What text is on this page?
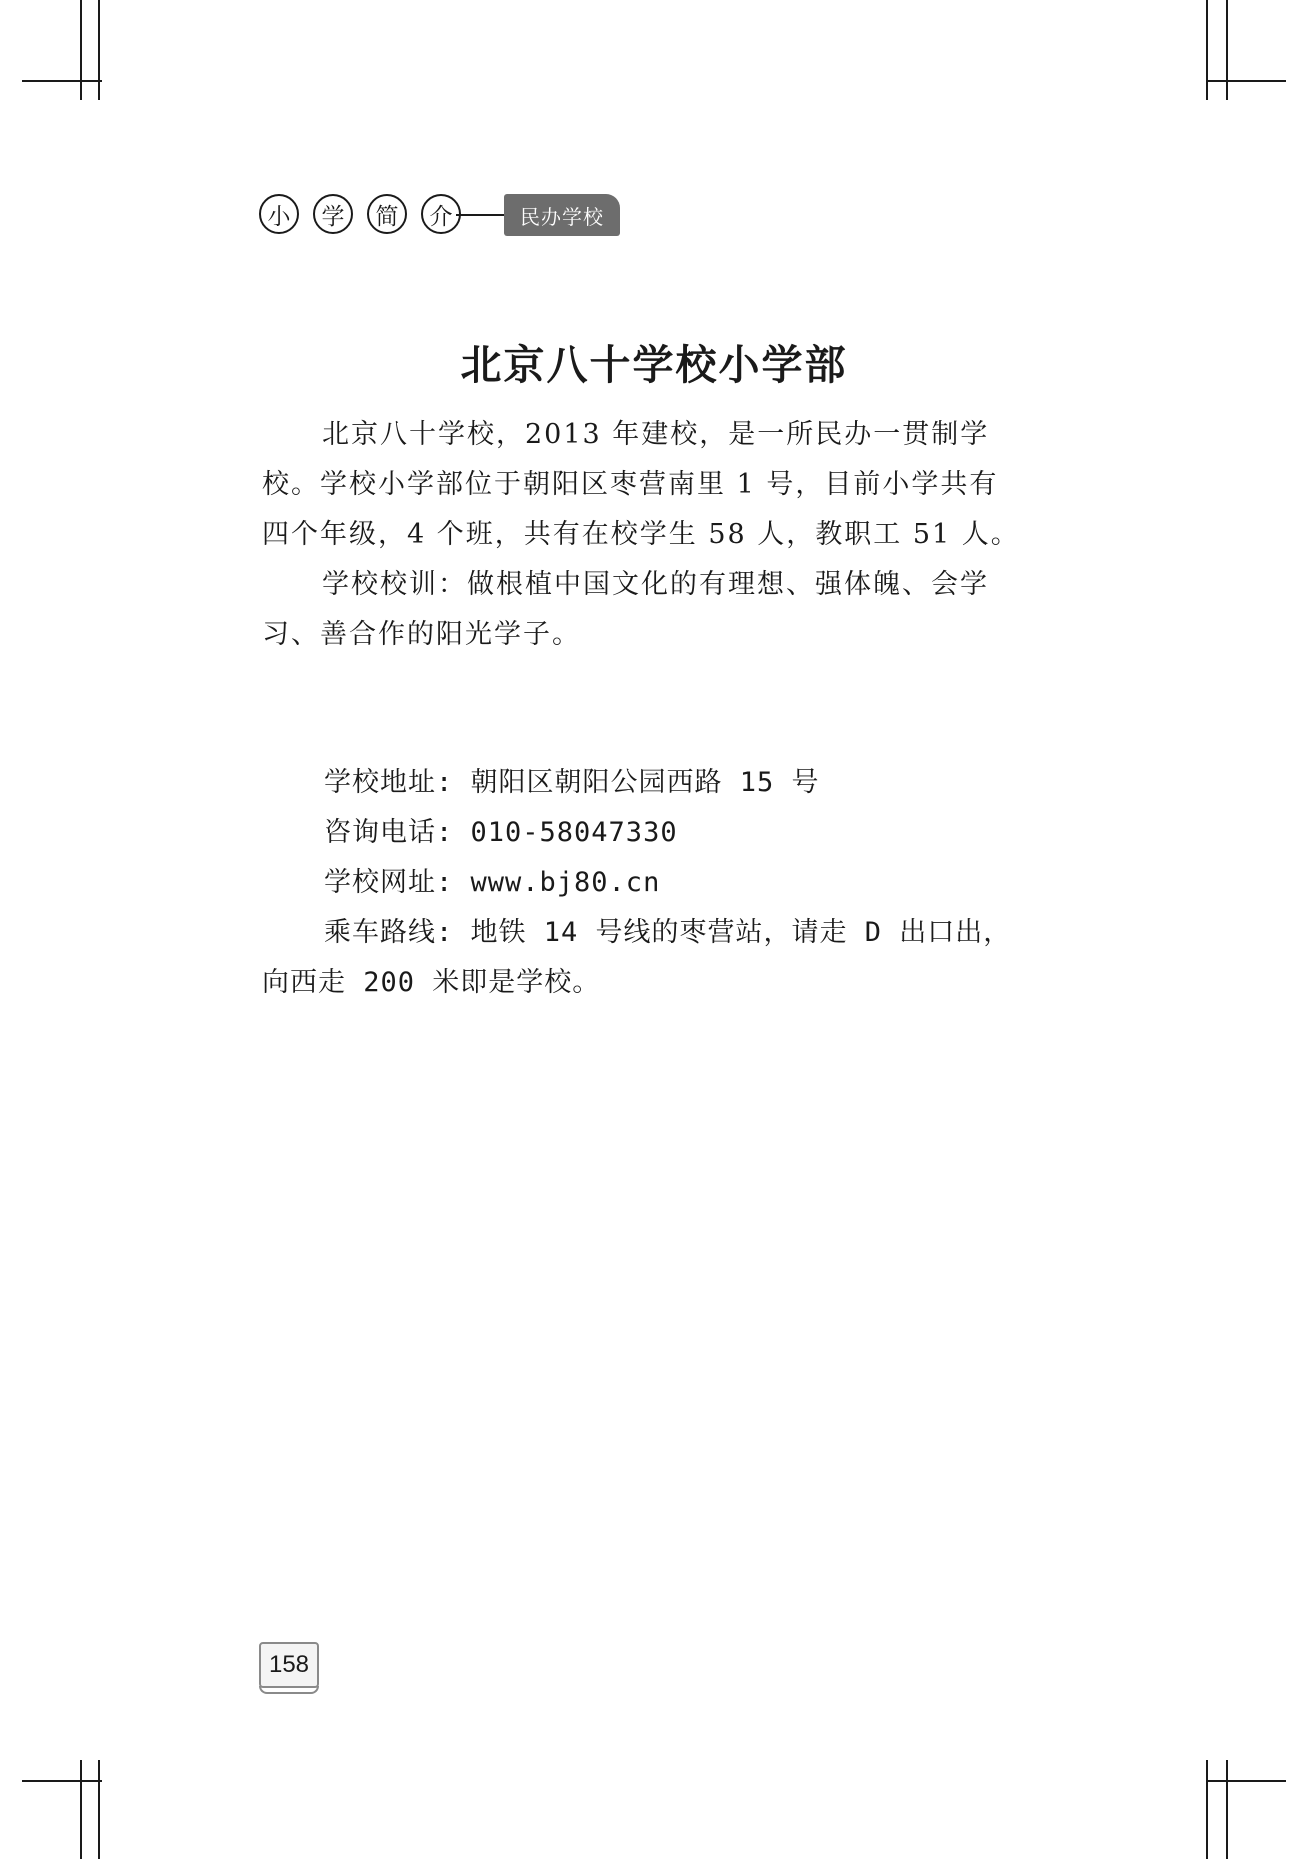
小	学	简	介	民办学校
北京八十学校小学部

北京八十学校，2013 年建校，是一所民办一贯制学校。学校小学部位于朝阳区枣营南里 1 号，目前小学共有四个年级，4 个班，共有在校学生 58 人，教职工 51 人。

学校校训：做根植中国文化的有理想、强体魄、会学习、善合作的阳光学子。

学校地址: 朝阳区朝阳公园西路 15 号
咨询电话: 010-58047330
学校网址: www.bj80.cn
乘车路线: 地铁 14 号线的枣营站，请走 D 出口出，
向西走 200 米即是学校。
158
